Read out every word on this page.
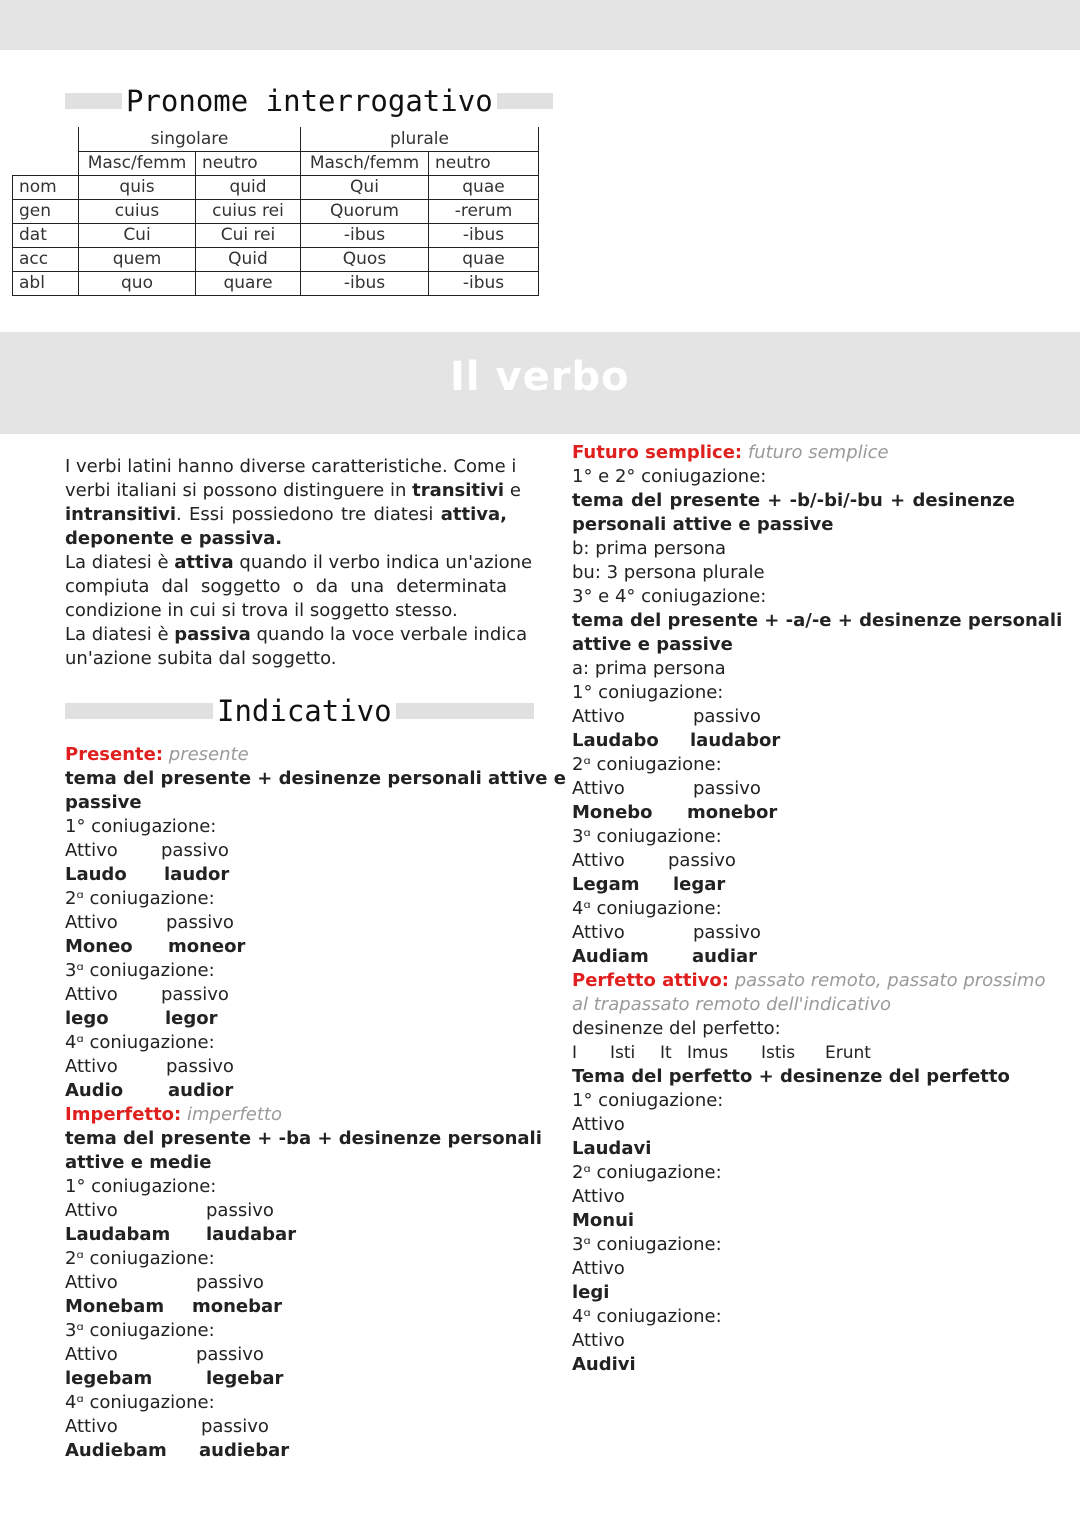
Pronome interrogativo
	singolare		plurale	
	Masc/femm	neutro	Masch/femm	neutro
nom	quis	quid	Qui	quae
gen	cuius	cuius rei	Quorum	-rerum
dat	Cui	Cui rei	-ibus	-ibus
acc	quem	Quid	Quos	quae
abl	quo	quare	-ibus	-ibus
Il verbo
I verbi latini hanno diverse caratteristiche. Come i
verbi italiani si possono distinguere in transitivi e
intransitivi. Essi possiedono tre diatesi attiva,
deponente e passiva.
La diatesi è attiva quando il verbo indica un'azione
compiuta dal soggetto o da una determinata
condizione in cui si trova il soggetto stesso.
La diatesi è passiva quando la voce verbale indica
un'azione subita dal soggetto.
Indicativo
Presente: presente
tema del presente + desinenze personali attive e
passive
1° coniugazione:
Attivo	passivo
Laudo	laudor
2ᵅ coniugazione:
Attivo	passivo
Moneo	moneor
3ᵅ coniugazione:
Attivo	passivo
lego	legor
4ᵅ coniugazione:
Attivo	passivo
Audio	audior
Imperfetto: imperfetto
tema del presente + -ba + desinenze personali
attive e medie
1° coniugazione:
Attivo	passivo
Laudabam	laudabar
2ᵅ coniugazione:
Attivo	passivo
Monebam	monebar
3ᵅ coniugazione:
Attivo	passivo
legebam	legebar
4ᵅ coniugazione:
Attivo	passivo
Audiebam	audiebar
Futuro semplice: futuro semplice
1° e 2° coniugazione:
tema del presente + -b/-bi/-bu + desinenze
personali attive e passive
b: prima persona
bu: 3 persona plurale
3° e 4° coniugazione:
tema del presente + -a/-e + desinenze personali
attive e passive
a: prima persona
1° coniugazione:
Attivo	passivo
Laudabo	laudabor
2ᵅ coniugazione:
Attivo	passivo
Monebo	monebor
3ᵅ coniugazione:
Attivo	passivo
Legam	legar
4ᵅ coniugazione:
Attivo	passivo
Audiam	audiar
Perfetto attivo: passato remoto, passato prossimo
al trapassato remoto dell'indicativo
desinenze del perfetto:
I Isti It Imus Istis Erunt
Tema del perfetto + desinenze del perfetto
1° coniugazione:
Attivo
Laudavi
2ᵅ coniugazione:
Attivo
Monui
3ᵅ coniugazione:
Attivo
legi
4ᵅ coniugazione:
Attivo
Audivi
